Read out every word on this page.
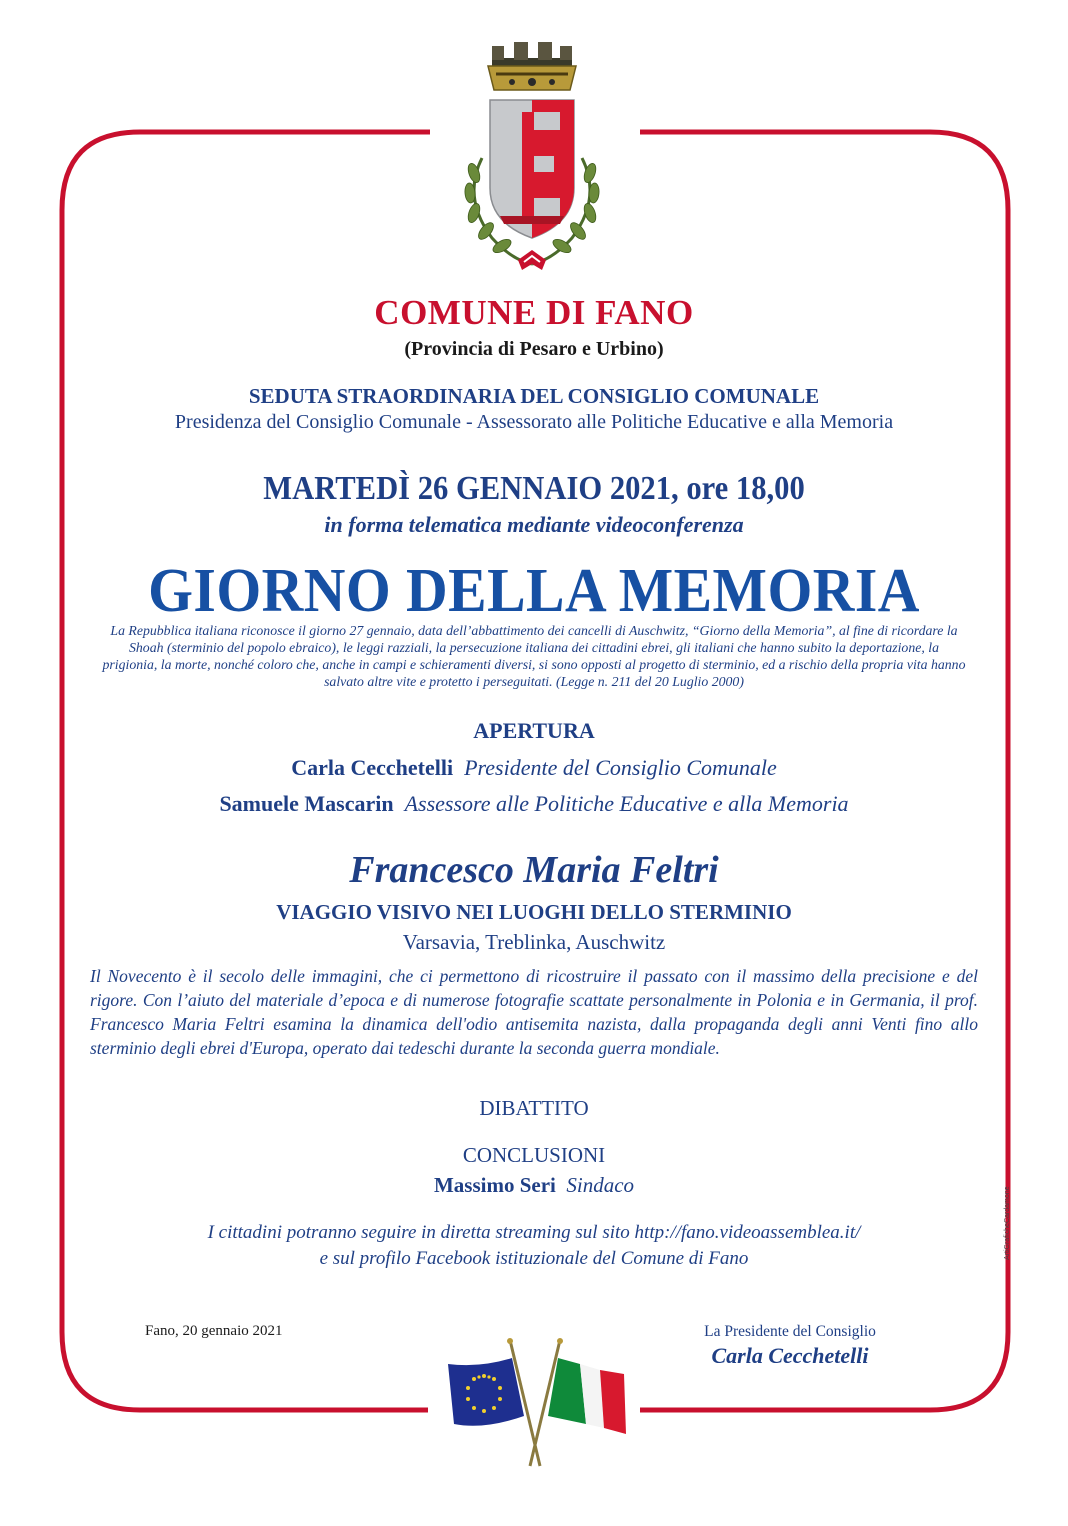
COMUNE DI FANO
(Provincia di Pesaro e Urbino)
SEDUTA STRAORDINARIA DEL CONSIGLIO COMUNALE
Presidenza del Consiglio Comunale - Assessorato alle Politiche Educative e alla Memoria
MARTEDÌ 26 GENNAIO 2021, ore 18,00
in forma telematica mediante videoconferenza
GIORNO DELLA MEMORIA
La Repubblica italiana riconosce il giorno 27 gennaio, data dell’abbattimento dei cancelli di Auschwitz, “Giorno della Memoria”, al fine di ricordare la Shoah (sterminio del popolo ebraico), le leggi razziali, la persecuzione italiana dei cittadini ebrei, gli italiani che hanno subito la deportazione, la prigionia, la morte, nonché coloro che, anche in campi e schieramenti diversi, si sono opposti al progetto di sterminio, ed a rischio della propria vita hanno salvato altre vite e protetto i perseguitati. (Legge n. 211 del 20 Luglio 2000)
APERTURA
Carla Cecchetelli Presidente del Consiglio Comunale
Samuele Mascarin Assessore alle Politiche Educative e alla Memoria
Francesco Maria Feltri
VIAGGIO VISIVO NEI LUOGHI DELLO STERMINIO
Varsavia, Treblinka, Auschwitz
Il Novecento è il secolo delle immagini, che ci permettono di ricostruire il passato con il massimo della precisione e del rigore. Con l’aiuto del materiale d’epoca e di numerose fotografie scattate personalmente in Polonia e in Germania, il prof. Francesco Maria Feltri esamina la dinamica dell'odio antisemita nazista, dalla propaganda degli anni Venti fino allo sterminio degli ebrei d'Europa, operato dai tedeschi durante la seconda guerra mondiale.
DIBATTITO
CONCLUSIONI
Massimo Seri Sindaco
I cittadini potranno seguire in diretta streaming sul sito http://fano.videoassemblea.it/
e sul profilo Facebook istituzionale del Comune di Fano
Fano, 20 gennaio 2021	La Presidente del Consiglio
Carla Cecchetelli
ArtiGraficheCardamone
